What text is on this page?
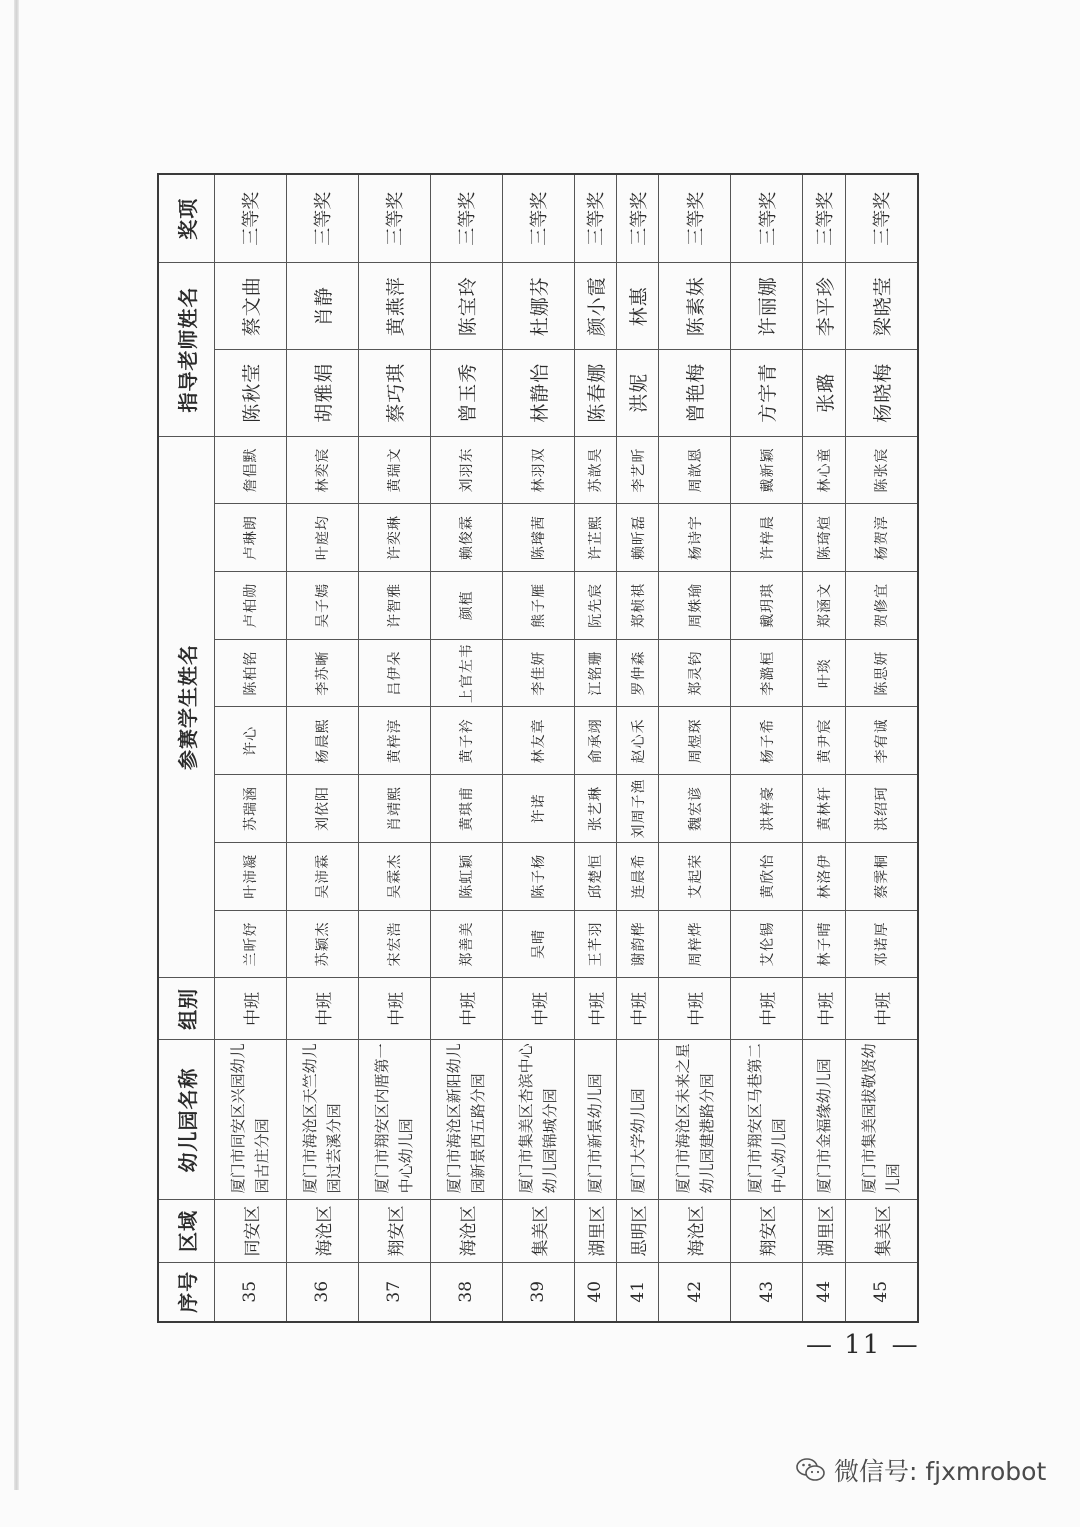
序号	区域	幼儿园名称	组别	参赛学生姓名								指导老师姓名		奖项
35	同安区	厦门市同安区兴园幼儿园古庄分园	中班	兰昕妤	叶沛凝	苏瑞涵	许心	陈柏铭	卢柏勋	卢琳朗	詹倡默	陈秋莹	蔡文曲	三等奖
36	海沧区	厦门市海沧区天竺幼儿园过芸溪分园	中班	苏颖杰	吴沛霖	刘依阳	杨晨熙	李苏晰	吴子嫣	叶庭均	林奕宸	胡雅娟	肖静	三等奖
37	翔安区	厦门市翔安区内厝第一中心幼儿园	中班	宋宏浩	吴霖杰	肖靖熙	黄梓淳	吕伊朵	许智雅	许奕琳	黄瑞文	蔡巧琪	黄燕萍	三等奖
38	海沧区	厦门市海沧区新阳幼儿园新景西五路分园	中班	郑善美	陈虹颖	黄琪甫	黄子衿	上官左韦	颜植	赖俊霖	刘羽东	曾玉秀	陈宝玲	三等奖
39	集美区	厦门市集美区杏滨中心幼儿园锦城分园	中班	吴晴	陈子杨	许诺	林友章	李佳妍	熊子雁	陈璿茜	林羽双	林静怡	杜娜芬	三等奖
40	湖里区	厦门市新景幼儿园	中班	王芊羽	邱楚恒	张艺琳	俞承翊	江铭珊	阮先宸	许芷熙	苏歆昊	陈春娜	颜小霞	三等奖
41	思明区	厦门大学幼儿园	中班	谢韵桦	连晨希	刘周子渔	赵心禾	罗仲森	郑桢祺	赖昕磊	李艺昕	洪妮	林惠	三等奖
42	海沧区	厦门市海沧区未来之星幼儿园建港路分园	中班	周梓烨	艾起荣	魏宏谚	周煜琛	郑灵钧	周姝瑜	杨诗宇	周歆恩	曾艳梅	陈素妹	三等奖
43	翔安区	厦门市翔安区马巷第二中心幼儿园	中班	艾伦锡	黄欣怡	洪梓豪	杨子希	李潞桓	戴玥琪	许梓晨	戴新颖	方宇青	许丽娜	三等奖
44	湖里区	厦门市金福缘幼儿园	中班	林子晴	林洛伊	黄林轩	黄尹宸	叶琰	郑涵文	陈琦煊	林心童	张璐	李平珍	三等奖
45	集美区	厦门市集美园拔敬贤幼儿园	中班	邓诺厚	蔡霁桐	洪绍珂	李宥诚	陈思妍	贺修宜	杨贺淳	陈张宸	杨晓梅	梁晓莹	三等奖
— 11 —
微信号: fjxmrobot
